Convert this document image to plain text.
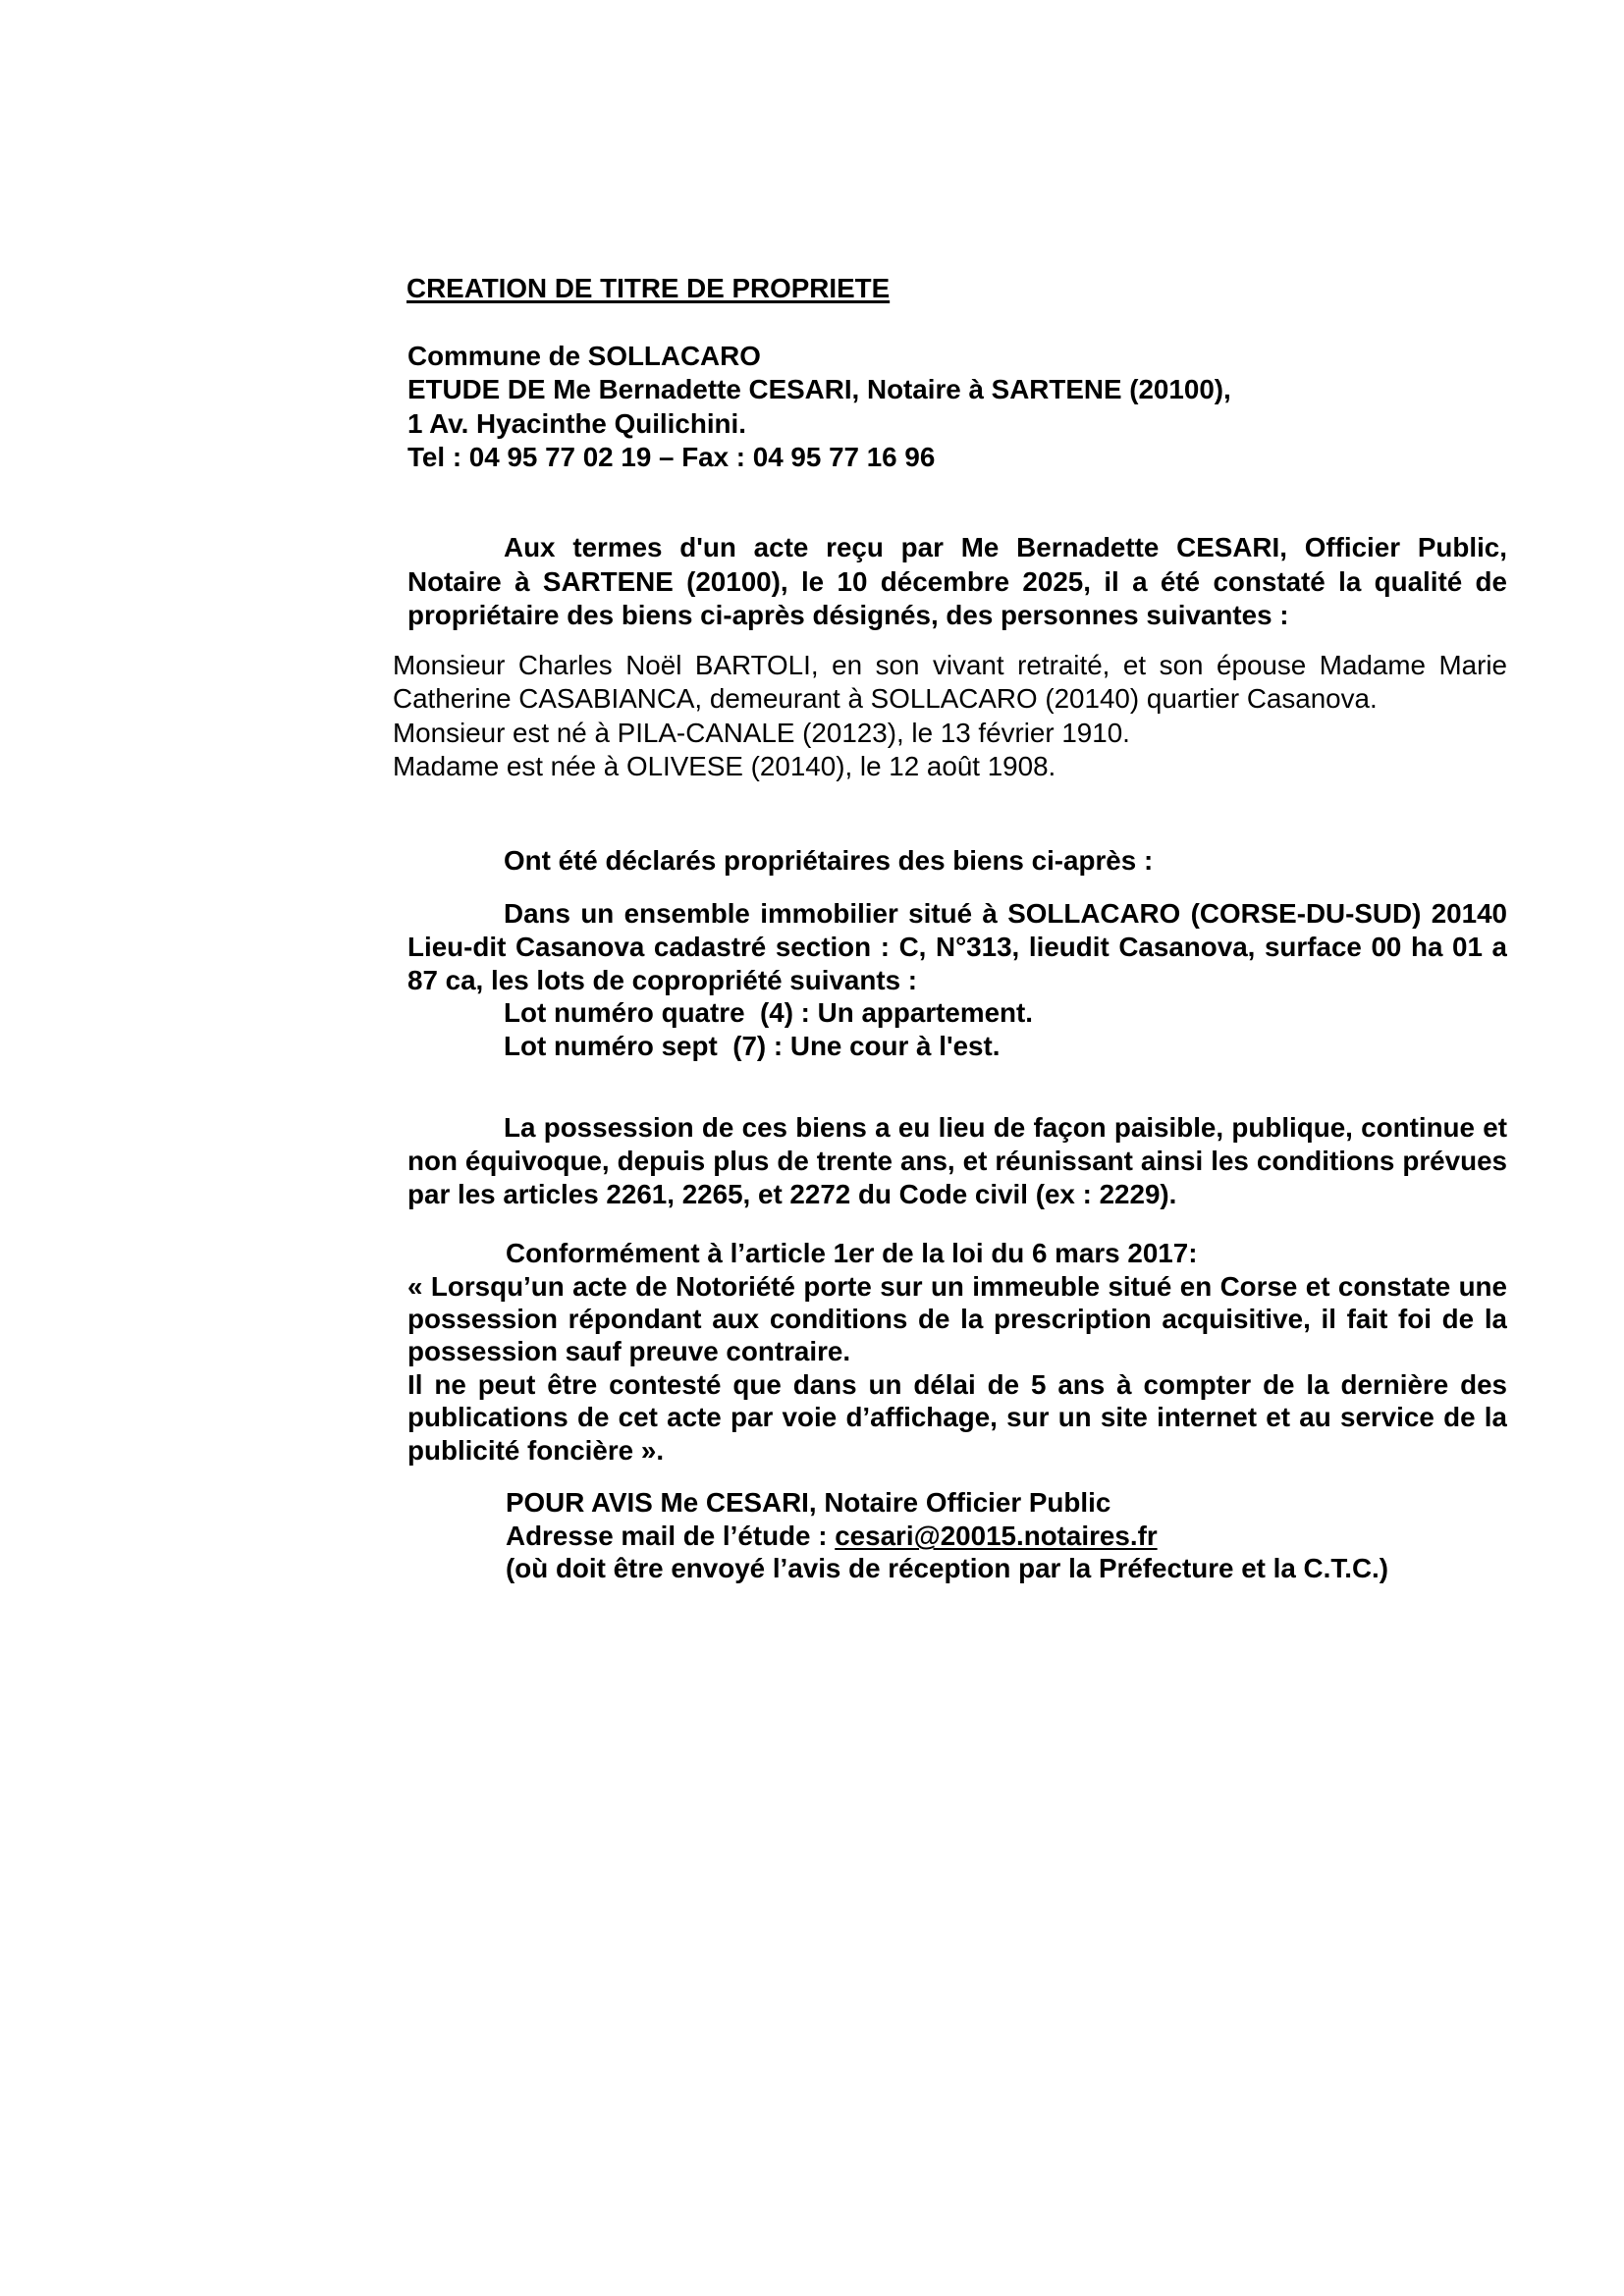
CREATION DE TITRE DE PROPRIETE
Commune de SOLLACARO
ETUDE DE Me Bernadette CESARI, Notaire à SARTENE (20100),
1 Av. Hyacinthe Quilichini.
Tel : 04 95 77 02 19 – Fax : 04 95 77 16 96
Aux termes d'un acte reçu par Me Bernadette CESARI, Officier Public,
Notaire à SARTENE (20100), le 10 décembre 2025, il a été constaté la qualité de
propriétaire des biens ci-après désignés, des personnes suivantes :
Monsieur Charles Noël BARTOLI, en son vivant retraité, et son épouse Madame Marie
Catherine CASABIANCA, demeurant à SOLLACARO (20140) quartier Casanova.
Monsieur est né à PILA-CANALE (20123), le 13 février 1910.
Madame est née à OLIVESE (20140), le 12 août 1908.
Ont été déclarés propriétaires des biens ci-après :
Dans un ensemble immobilier situé à SOLLACARO (CORSE-DU-SUD) 20140
Lieu-dit Casanova cadastré section : C, N°313, lieudit Casanova, surface 00 ha 01 a
87 ca, les lots de copropriété suivants :
Lot numéro quatre  (4) : Un appartement.
Lot numéro sept  (7) : Une cour à l'est.
La possession de ces biens a eu lieu de façon paisible, publique, continue et
non équivoque, depuis plus de trente ans, et réunissant ainsi les conditions prévues
par les articles 2261, 2265, et 2272 du Code civil (ex : 2229).
Conformément à l’article 1er de la loi du 6 mars 2017:
« Lorsqu’un acte de Notoriété porte sur un immeuble situé en Corse et constate une
possession répondant aux conditions de la prescription acquisitive, il fait foi de la
possession sauf preuve contraire.
Il ne peut être contesté que dans un délai de 5 ans à compter de la dernière des
publications de cet acte par voie d’affichage, sur un site internet et au service de la
publicité foncière ».
POUR AVIS Me CESARI, Notaire Officier Public
Adresse mail de l’étude : cesari@20015.notaires.fr
(où doit être envoyé l’avis de réception par la Préfecture et la C.T.C.)
